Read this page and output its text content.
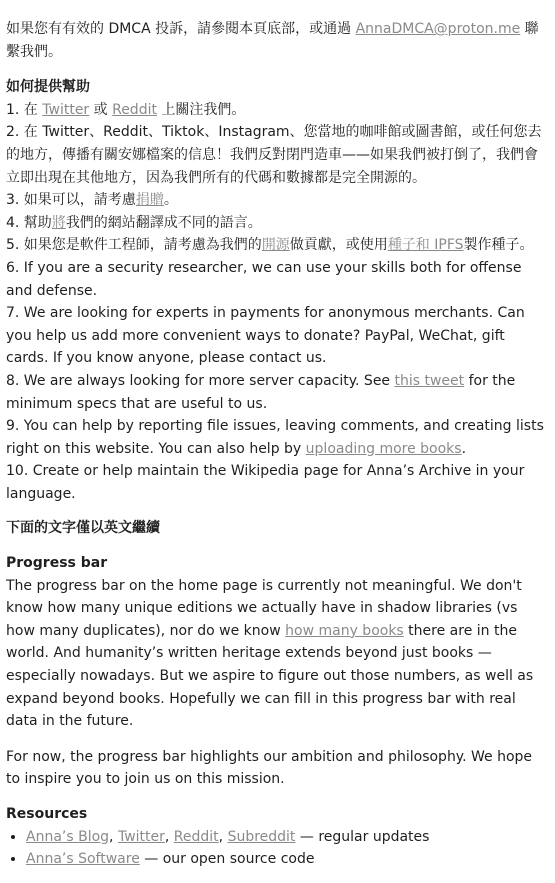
如果您有有效的 DMCA 投訴，請參閱本頁底部，或通過 AnnaDMCA@proton.me 聯繫我們。

如何提供幫助

1. 在 Twitter 或 Reddit 上關注我們。

2. 在 Twitter、Reddit、Tiktok、Instagram、您當地的咖啡館或圖書館，或任何您去的地方，傳播有關安娜檔案的信息！我們反對閉門造車——如果我們被打倒了，我們會立即出現在其他地方，因為我們所有的代碼和數據都是完全開源的。

3. 如果可以，請考慮捐贈。

4. 幫助將我們的網站翻譯成不同的語言。

5. 如果您是軟件工程師，請考慮為我們的開源做貢獻，或使用種子和 IPFS製作種子。

6. If you are a security researcher, we can use your skills both for offense and defense.

7. We are looking for experts in payments for anonymous merchants. Can you help us add more convenient ways to donate? PayPal, WeChat, gift cards. If you know anyone, please contact us.

8. We are always looking for more server capacity. See this tweet for the minimum specs that are useful to us.

9. You can help by reporting file issues, leaving comments, and creating lists right on this website. You can also help by uploading more books.

10. Create or help maintain the Wikipedia page for Anna’s Archive in your language.

下面的文字僅以英文繼續
Progress bar

The progress bar on the home page is currently not meaningful. We don't know how many unique editions we actually have in shadow libraries (vs how many duplicates), nor do we know how many books there are in the world. And humanity’s written heritage extends beyond just books — especially nowadays. But we aspire to figure out those numbers, as well as expand beyond books. Hopefully we can fill in this progress bar with real data in the future.

For now, the progress bar highlights our ambition and philosophy. We hope to inspire you to join us on this mission.

Resources
• Anna’s Blog, Twitter, Reddit, Subreddit — regular updates
• Anna’s Software — our open source code
